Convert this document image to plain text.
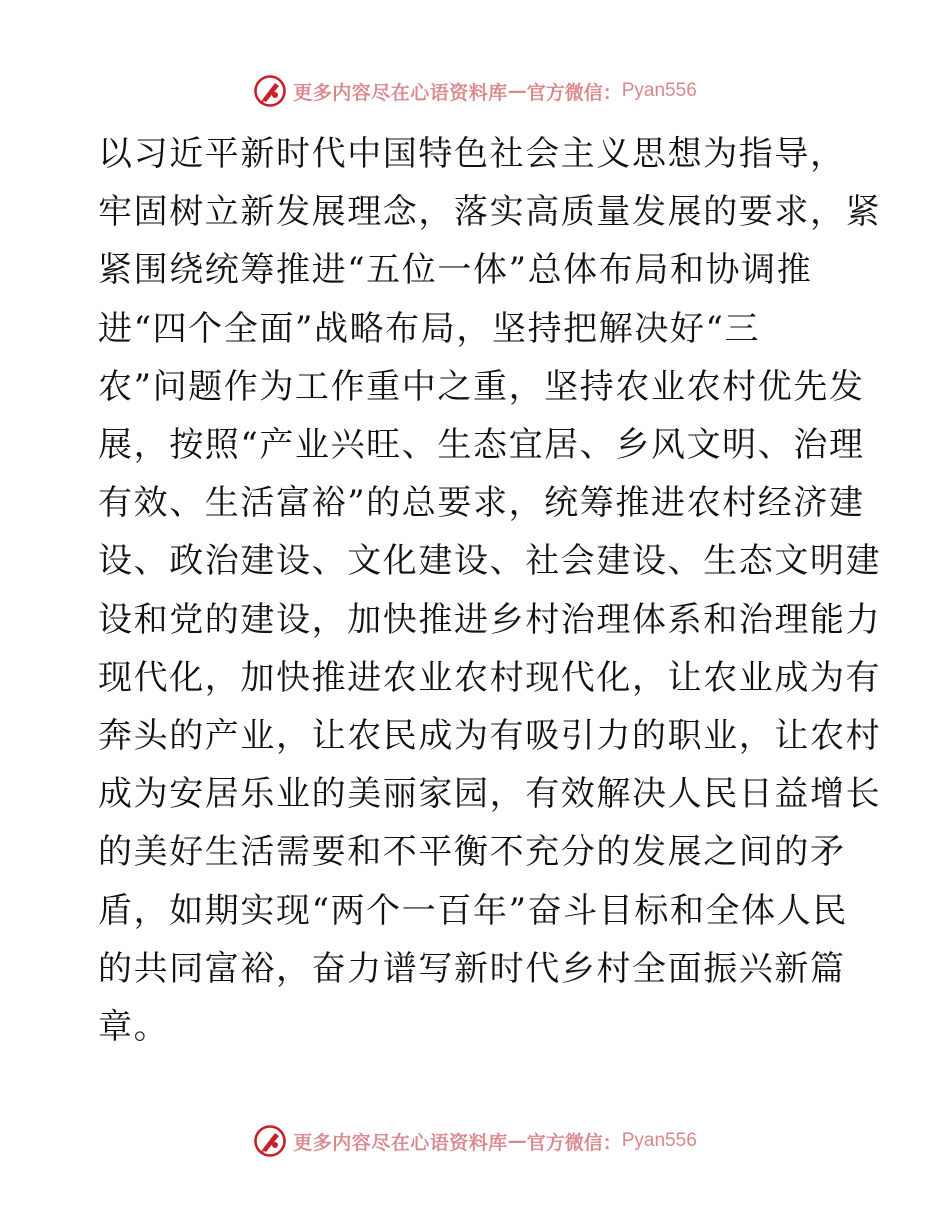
更多内容尽在心语资料库 — 官方微信： Pyan556
以习近平新时代中国特色社会主义思想为指导，
牢固树立新发展理念，落实高质量发展的要求，紧
紧围绕统筹推进“五位一体”总体布局和协调推
进“四个全面”战略布局，坚持把解决好“三
农”问题作为工作重中之重，坚持农业农村优先发
展，按照“产业兴旺、生态宜居、乡风文明、治理
有效、生活富裕”的总要求，统筹推进农村经济建
设、政治建设、文化建设、社会建设、生态文明建
设和党的建设，加快推进乡村治理体系和治理能力
现代化，加快推进农业农村现代化，让农业成为有
奔头的产业，让农民成为有吸引力的职业，让农村
成为安居乐业的美丽家园，有效解决人民日益增长
的美好生活需要和不平衡不充分的发展之间的矛
盾，如期实现“两个一百年”奋斗目标和全体人民
的共同富裕，奋力谱写新时代乡村全面振兴新篇
章。
更多内容尽在心语资料库 — 官方微信： Pyan556
